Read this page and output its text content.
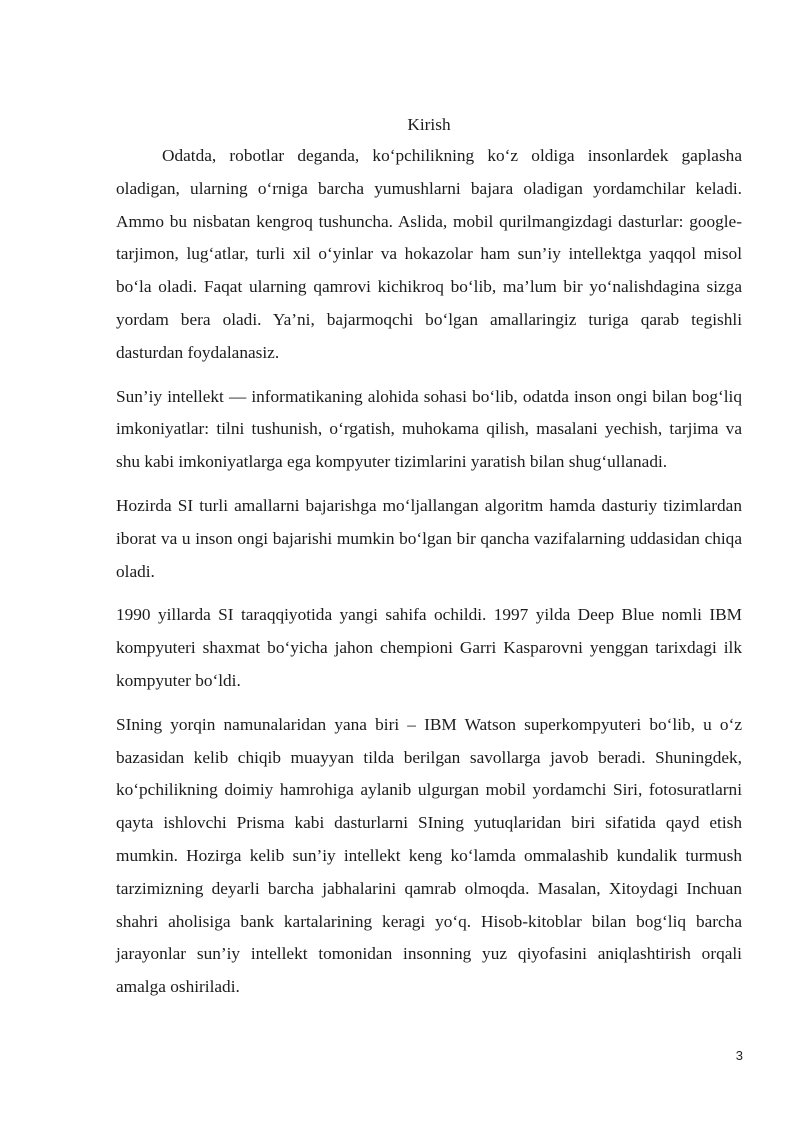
Kirish

Odatda, robotlar deganda, ko‘pchilikning ko‘z oldiga insonlardek gaplasha oladigan, ularning o‘rniga barcha yumushlarni bajara oladigan yordamchilar keladi. Ammo bu nisbatan kengroq tushuncha. Aslida, mobil qurilmangizdagi dasturlar: google-tarjimon, lug‘atlar, turli xil o‘yinlar va hokazolar ham sun’iy intellektga yaqqol misol bo‘la oladi. Faqat ularning qamrovi kichikroq bo‘lib, ma’lum bir yo‘nalishdagina sizga yordam bera oladi. Ya’ni, bajarmoqchi bo‘lgan amallaringiz turiga qarab tegishli dasturdan foydalanasiz.

Sun’iy intellekt — informatikaning alohida sohasi bo‘lib, odatda inson ongi bilan bog‘liq imkoniyatlar: tilni tushunish, o‘rgatish, muhokama qilish, masalani yechish, tarjima va shu kabi imkoniyatlarga ega kompyuter tizimlarini yaratish bilan shug‘ullanadi.

Hozirda SI turli amallarni bajarishga mo‘ljallangan algoritm hamda dasturiy tizimlardan iborat va u inson ongi bajarishi mumkin bo‘lgan bir qancha vazifalarning uddasidan chiqa oladi.

1990 yillarda SI taraqqiyotida yangi sahifa ochildi. 1997 yilda Deep Blue nomli IBM kompyuteri shaxmat bo‘yicha jahon chempioni Garri Kasparovni yenggan tarixdagi ilk kompyuter bo‘ldi.

SIning yorqin namunalaridan yana biri – IBM Watson superkompyuteri bo‘lib, u o‘z bazasidan kelib chiqib muayyan tilda berilgan savollarga javob beradi. Shuningdek, ko‘pchilikning doimiy hamrohiga aylanib ulgurgan mobil yordamchi Siri, fotosuratlarni qayta ishlovchi Prisma kabi dasturlarni SIning yutuqlaridan biri sifatida qayd etish mumkin. Hozirga kelib sun’iy intellekt keng ko‘lamda ommalashib kundalik turmush tarzimizning deyarli barcha jabhalarini qamrab olmoqda. Masalan, Xitoydagi Inchuan shahri aholisiga bank kartalarining keragi yo‘q. Hisob-kitoblar bilan bog‘liq barcha jarayonlar sun’iy intellekt tomonidan insonning yuz qiyofasini aniqlashtirish orqali amalga oshiriladi.

3
